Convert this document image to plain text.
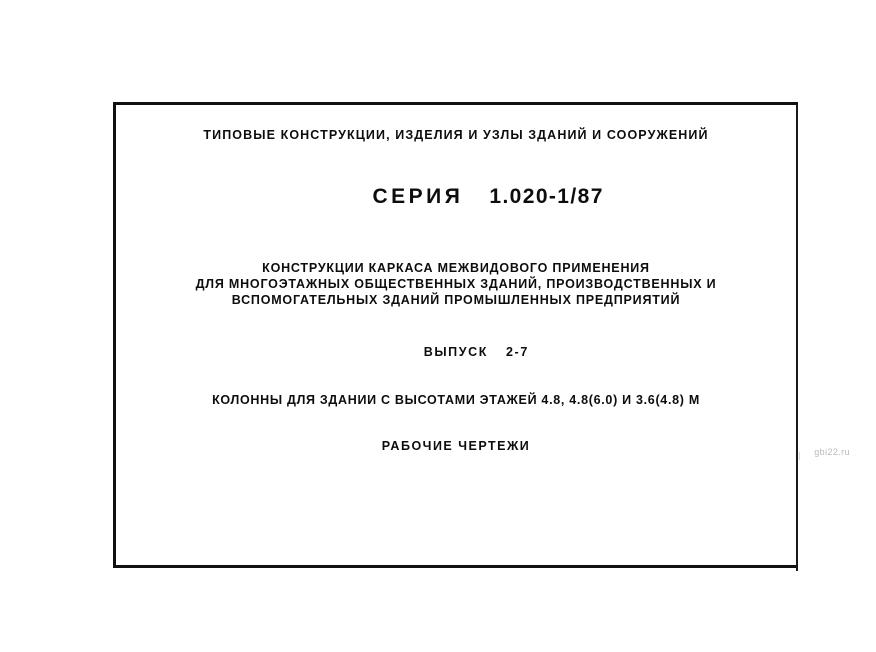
ТИПОВЫЕ КОНСТРУКЦИИ, ИЗДЕЛИЯ И УЗЛЫ ЗДАНИЙ И СООРУЖЕНИЙ

СЕРИЯ 1.020-1/87

КОНСТРУКЦИИ КАРКАСА МЕЖВИДОВОГО ПРИМЕНЕНИЯ
ДЛЯ МНОГОЭТАЖНЫХ ОБЩЕСТВЕННЫХ ЗДАНИЙ, ПРОИЗВОДСТВЕННЫХ И
ВСПОМОГАТЕЛЬНЫХ ЗДАНИЙ ПРОМЫШЛЕННЫХ ПРЕДПРИЯТИЙ

ВЫПУСК 2-7

КОЛОННЫ ДЛЯ ЗДАНИИ С ВЫСОТАМИ ЭТАЖЕЙ 4.8, 4.8(6.0) И 3.6(4.8) М
РАБОЧИЕ ЧЕРТЕЖИ	gbi22.ru
